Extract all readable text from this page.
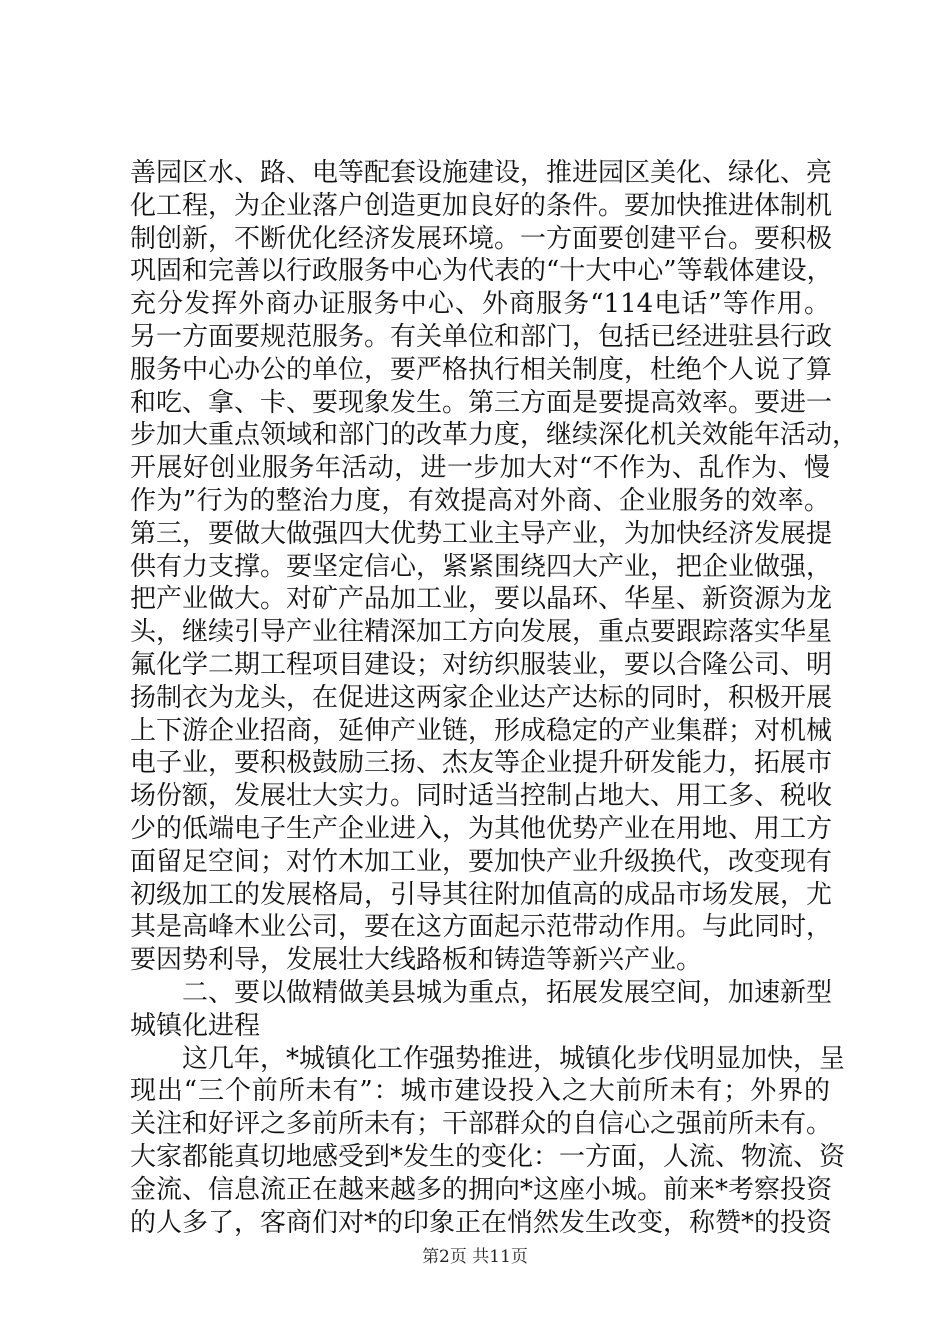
善园区水、路、电等配套设施建设，推进园区美化、绿化、亮
化工程，为企业落户创造更加良好的条件。要加快推进体制机
制创新，不断优化经济发展环境。一方面要创建平台。要积极
巩固和完善以行政服务中心为代表的“十大中心”等载体建设，
充分发挥外商办证服务中心、外商服务“114电话”等作用。
另一方面要规范服务。有关单位和部门，包括已经进驻县行政
服务中心办公的单位，要严格执行相关制度，杜绝个人说了算
和吃、拿、卡、要现象发生。第三方面是要提高效率。要进一
步加大重点领域和部门的改革力度，继续深化机关效能年活动，
开展好创业服务年活动，进一步加大对“不作为、乱作为、慢
作为”行为的整治力度，有效提高对外商、企业服务的效率。
第三，要做大做强四大优势工业主导产业，为加快经济发展提
供有力支撑。要坚定信心，紧紧围绕四大产业，把企业做强，
把产业做大。对矿产品加工业，要以晶环、华星、新资源为龙
头，继续引导产业往精深加工方向发展，重点要跟踪落实华星
氟化学二期工程项目建设；对纺织服装业，要以合隆公司、明
扬制衣为龙头，在促进这两家企业达产达标的同时，积极开展
上下游企业招商，延伸产业链，形成稳定的产业集群；对机械
电子业，要积极鼓励三扬、杰友等企业提升研发能力，拓展市
场份额，发展壮大实力。同时适当控制占地大、用工多、税收
少的低端电子生产企业进入，为其他优势产业在用地、用工方
面留足空间；对竹木加工业，要加快产业升级换代，改变现有
初级加工的发展格局，引导其往附加值高的成品市场发展，尤
其是高峰木业公司，要在这方面起示范带动作用。与此同时，
要因势利导，发展壮大线路板和铸造等新兴产业。
二、要以做精做美县城为重点，拓展发展空间，加速新型
城镇化进程
这几年，*城镇化工作强势推进，城镇化步伐明显加快，呈
现出“三个前所未有”：城市建设投入之大前所未有；外界的
关注和好评之多前所未有；干部群众的自信心之强前所未有。
大家都能真切地感受到*发生的变化：一方面，人流、物流、资
金流、信息流正在越来越多的拥向*这座小城。前来*考察投资
的人多了，客商们对*的印象正在悄然发生改变，称赞*的投资
第2页 共11页
